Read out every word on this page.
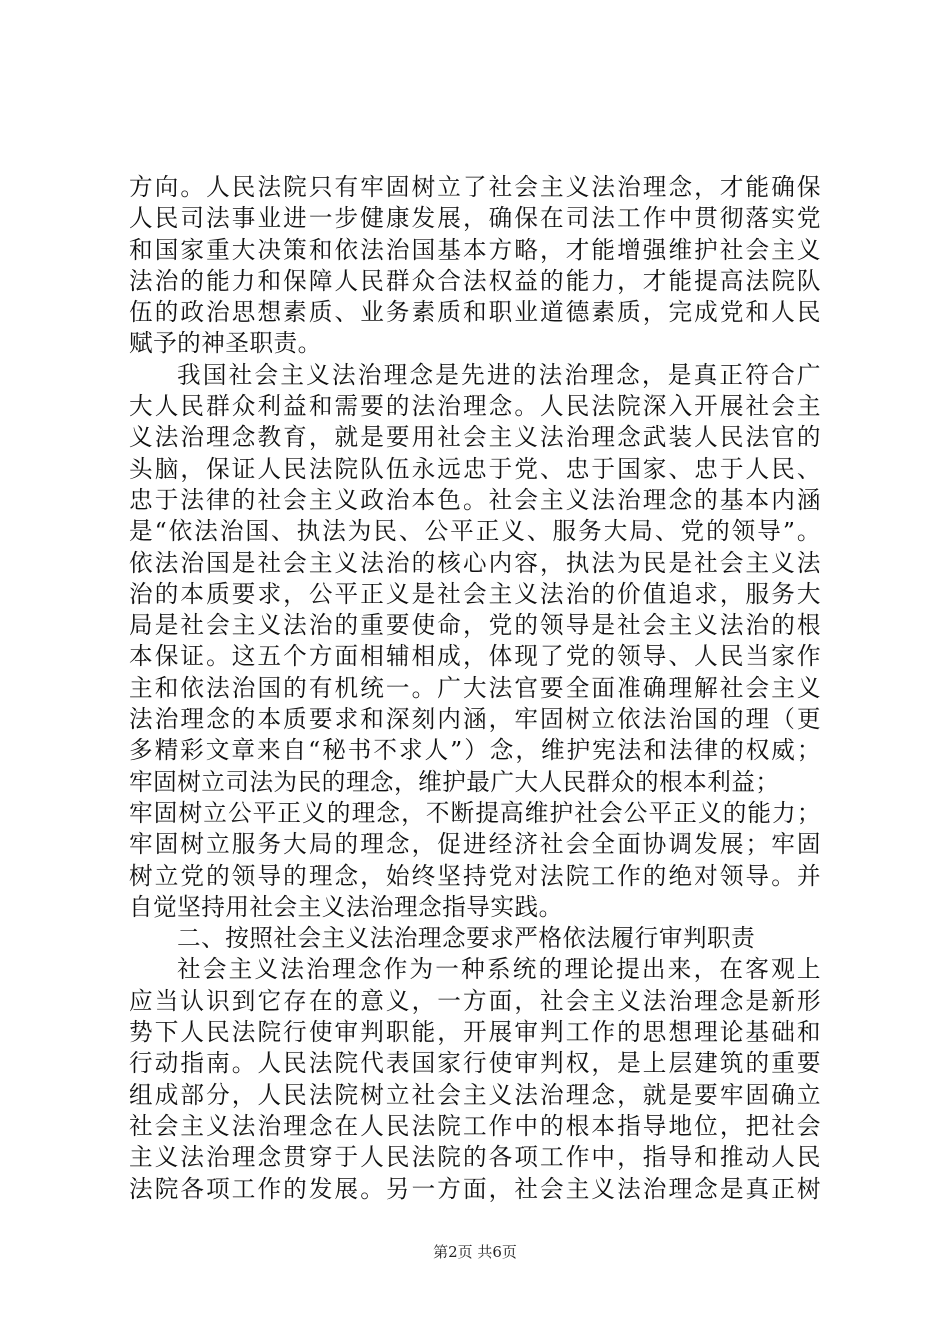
方向。人民法院只有牢固树立了社会主义法治理念，才能确保
人民司法事业进一步健康发展，确保在司法工作中贯彻落实党
和国家重大决策和依法治国基本方略，才能增强维护社会主义
法治的能力和保障人民群众合法权益的能力，才能提高法院队
伍的政治思想素质、业务素质和职业道德素质，完成党和人民
赋予的神圣职责。
我国社会主义法治理念是先进的法治理念，是真正符合广
大人民群众利益和需要的法治理念。人民法院深入开展社会主
义法治理念教育，就是要用社会主义法治理念武装人民法官的
头脑，保证人民法院队伍永远忠于党、忠于国家、忠于人民、
忠于法律的社会主义政治本色。社会主义法治理念的基本内涵
是“依法治国、执法为民、公平正义、服务大局、党的领导”。
依法治国是社会主义法治的核心内容，执法为民是社会主义法
治的本质要求，公平正义是社会主义法治的价值追求，服务大
局是社会主义法治的重要使命，党的领导是社会主义法治的根
本保证。这五个方面相辅相成，体现了党的领导、人民当家作
主和依法治国的有机统一。广大法官要全面准确理解社会主义
法治理念的本质要求和深刻内涵，牢固树立依法治国的理（更
多精彩文章来自“秘书不求人”）念，维护宪法和法律的权威；
牢固树立司法为民的理念，维护最广大人民群众的根本利益；
牢固树立公平正义的理念，不断提高维护社会公平正义的能力；
牢固树立服务大局的理念，促进经济社会全面协调发展；牢固
树立党的领导的理念，始终坚持党对法院工作的绝对领导。并
自觉坚持用社会主义法治理念指导实践。
二、按照社会主义法治理念要求严格依法履行审判职责
社会主义法治理念作为一种系统的理论提出来，在客观上
应当认识到它存在的意义，一方面，社会主义法治理念是新形
势下人民法院行使审判职能，开展审判工作的思想理论基础和
行动指南。人民法院代表国家行使审判权，是上层建筑的重要
组成部分，人民法院树立社会主义法治理念，就是要牢固确立
社会主义法治理念在人民法院工作中的根本指导地位，把社会
主义法治理念贯穿于人民法院的各项工作中，指导和推动人民
法院各项工作的发展。另一方面，社会主义法治理念是真正树
第2页 共6页
